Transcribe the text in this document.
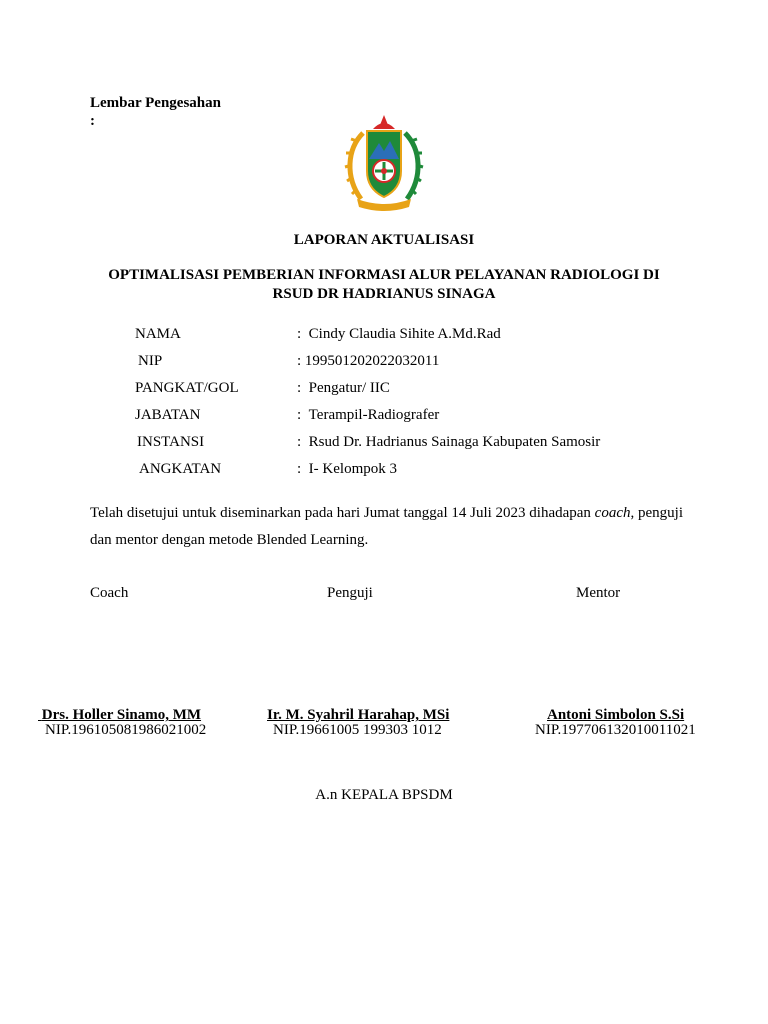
Lembar Pengesahan
:
LAPORAN AKTUALISASI
OPTIMALISASI PEMBERIAN INFORMASI ALUR PELAYANAN RADIOLOGI DI
RSUD DR HADRIANUS SINAGA
NAMA	: Cindy Claudia Sihite A.Md.Rad
NIP	: 199501202022032011
PANGKAT/GOL	: Pengatur/ IIC
JABATAN	: Terampil-Radiografer
INSTANSI	: Rsud Dr. Hadrianus Sainaga Kabupaten Samosir
ANGKATAN	: I- Kelompok 3
Telah disetujui untuk diseminarkan pada hari Jumat tanggal 14 Juli 2023 dihadapan coach, penguji dan mentor dengan metode Blended Learning.
Coach	Penguji	Mentor
Drs. Holler Sinamo, MM	Ir. M. Syahril Harahap, MSi	Antoni Simbolon S.Si
NIP.196105081986021002	NIP.19661005 199303 1012	NIP.197706132010011021
A.n KEPALA BPSDM
